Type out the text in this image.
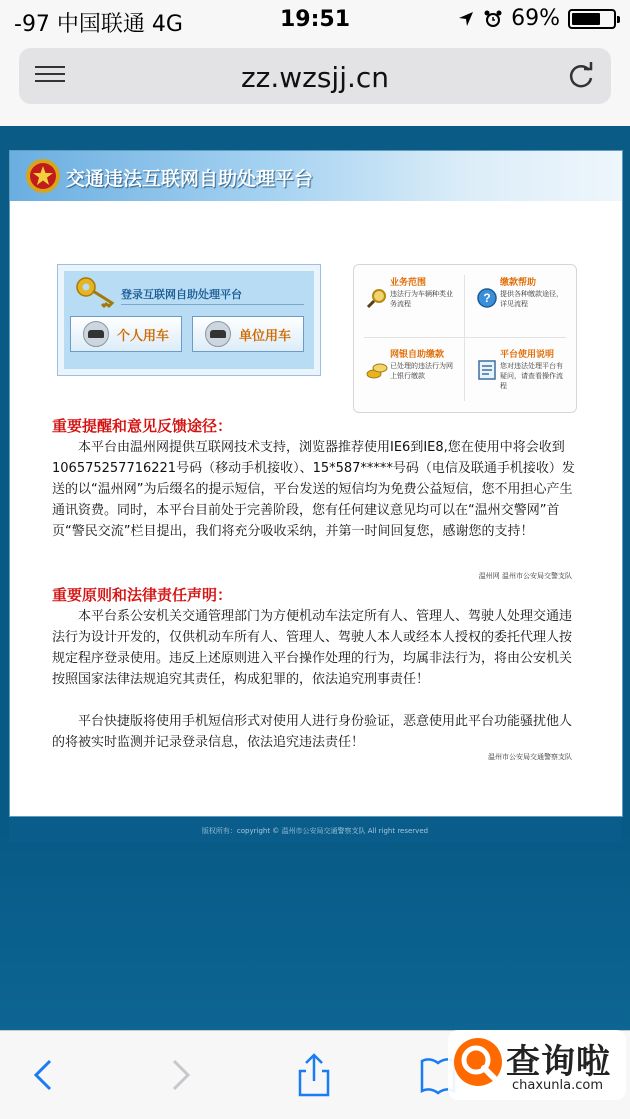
-97 中国联通 4G	19:51	69%
zz.wzsjj.cn
交通违法互联网自助处理平台
登录互联网自助处理平台
个人用车	单位用车
业务范围
违法行为车辆种类业务流程	?
缴款帮助
提供各种缴款途径，详见流程
网银自助缴款
已处理的违法行为网上银行缴款
平台使用说明
您对违法处理平台有疑问，请查看操作流程
重要提醒和意见反馈途径：

本平台由温州网提供互联网技术支持，浏览器推荐使用IE6到IE8,您在使用中将会收到106575257716221号码（移动手机接收）、15*587*****号码（电信及联通手机接收）发送的以“温州网”为后缀名的提示短信，平台发送的短信均为免费公益短信，您不用担心产生通讯资费。同时，本平台目前处于完善阶段，您有任何建议意见均可以在“温州交警网”首页“警民交流”栏目提出，我们将充分吸收采纳，并第一时间回复您，感谢您的支持！

温州网 温州市公安局交警支队
重要原则和法律责任声明：

本平台系公安机关交通管理部门为方便机动车法定所有人、管理人、驾驶人处理交通违法行为设计开发的，仅供机动车所有人、管理人、驾驶人本人或经本人授权的委托代理人按规定程序登录使用。违反上述原则进入平台操作处理的行为，均属非法行为，将由公安机关按照国家法律法规追究其责任，构成犯罪的，依法追究刑事责任！

平台快捷版将使用手机短信形式对使用人进行身份验证，恶意使用此平台功能骚扰他人的将被实时监测并记录登录信息，依法追究违法责任！

温州市公安局交通警察支队
版权所有：copyright © 温州市公安局交通警察支队 All right reserved
查询啦
chaxunla.com
